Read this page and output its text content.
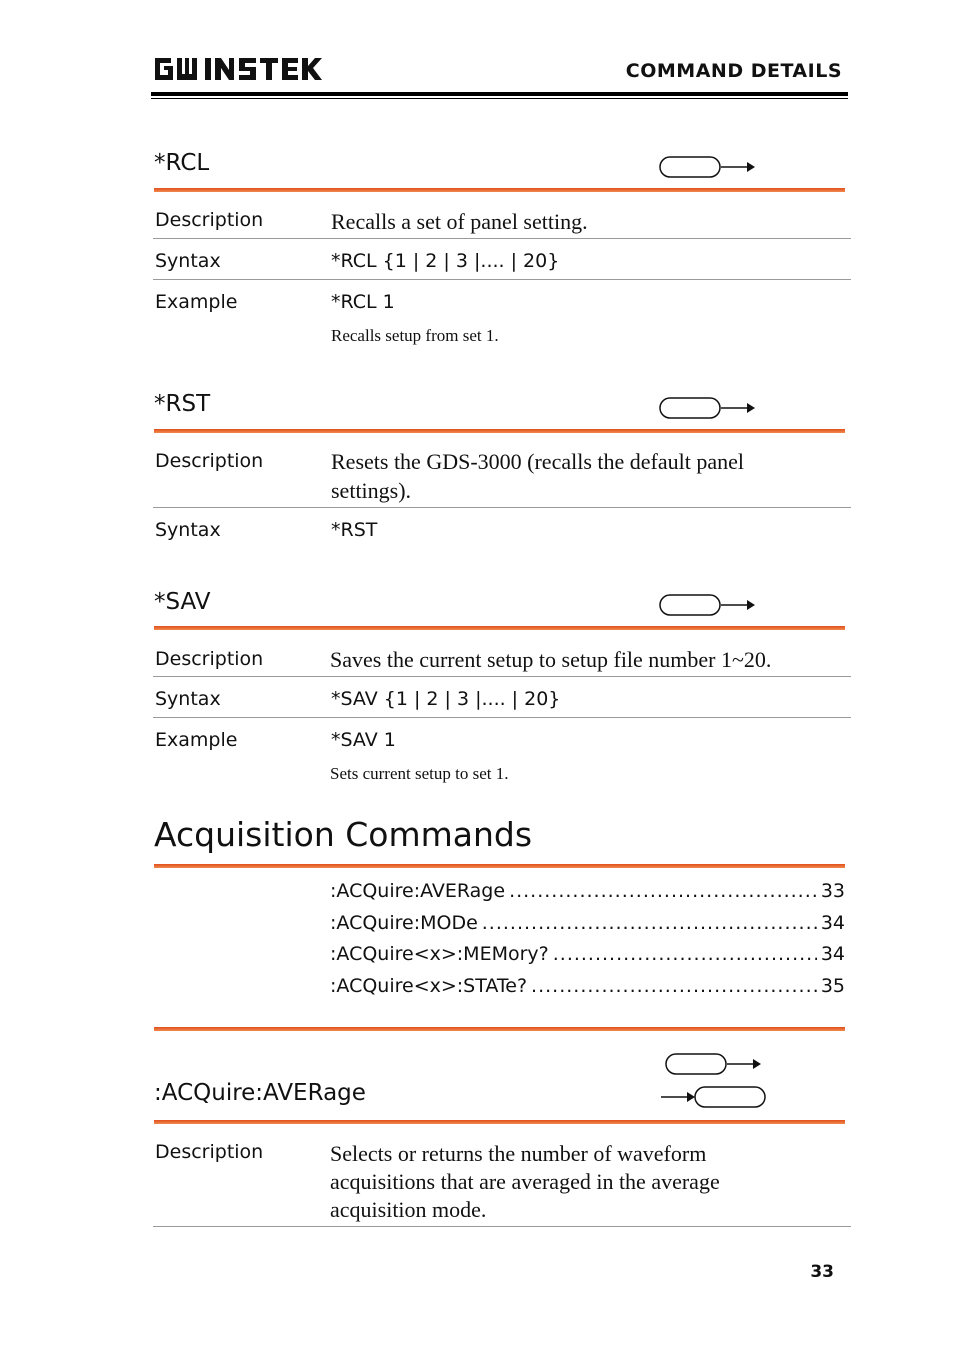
COMMAND DETAILS
*RCL
Description	Recalls a set of panel setting.
Syntax	*RCL {1 | 2 | 3 |.... | 20}
Example	*RCL 1
Recalls setup from set 1.
*RST
Description	Resets the GDS-3000 (recalls the default panel
settings).
Syntax	*RST
*SAV
Description	Saves the current setup to setup file number 1~20.
Syntax	*SAV {1 | 2 | 3 |.... | 20}
Example	*SAV 1
Sets current setup to set 1.
Acquisition Commands
:ACQuire:AVERage .....	33
:ACQuire:MODe .....	34
:ACQuire<x>:MEMory? .....	34
:ACQuire<x>:STATe? .....	35
:ACQuire:AVERage
Description	Selects or returns the number of waveform
acquisitions that are averaged in the average
acquisition mode.
33
